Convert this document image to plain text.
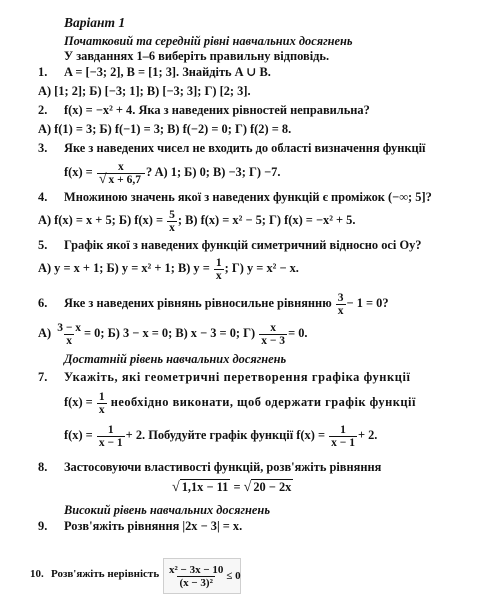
Варіант 1
Початковий та середній рівні навчальних досягнень
У завданнях 1–6 виберіть правильну відповідь.
1. A = [−3; 2], B = [1; 3]. Знайдіть A ∪ B.
A) [1; 2]; Б) [−3; 1]; В) [−3; 3]; Г) [2; 3].
2. f(x) = −x² + 4. Яка з наведених рівностей неправильна?
A) f(1) = 3; Б) f(−1) = 3; В) f(−2) = 0; Г) f(2) = 8.
3. Яке з наведених чисел не входить до області визначення функції
$f(x) = \frac{x}{√ x + 6,7}$ ? A) 1; Б) 0; В) −3; Г) −7.
4. Множиною значень якої з наведених функцій є проміжок (−∞; 5]?
A) f(x) = x + 5; Б) $f(x) = \frac{5}{x}$ ; В) f(x) = x² − 5; Г) f(x) = −x² + 5.
5. Графік якої з наведених функцій симетричний відносно осі Oy?
A) y = x + 1; Б) y = x² + 1; В) $y = \frac{1}{x}$ ; Г) y = x² − x.
6. Яке з наведених рівнянь рівносильне рівнянню $\frac{3}{x} - 1 = 0$?
$A) \frac{3 - x}{x} = 0$; Б) 3 − x = 0; В) x − 3 = 0; $Г) \frac{x}{x - 3} = 0$.
Достатній рівень навчальних досягнень
7. Укажіть, які геометричні перетворення графіка функції
$f(x) = \frac{1}{x}$ необхідно виконати, щоб одержати графік функції
$f(x) = \frac{1}{x - 1} + 2$. Побудуйте графік функції $f(x) = \frac{1}{x - 1} + 2$.
8. Застосовуючи властивості функцій, розв'яжіть рівняння
√ 1,1x − 11 = √ 20 − 2x
Високий рівень навчальних досягнень
9. Розв'яжіть рівняння |2x − 3| = x.
10. Розв'яжіть нерівність $\frac{\text{x² − 3x − 10}}{\text{(x − 3)²}} \le 0$
